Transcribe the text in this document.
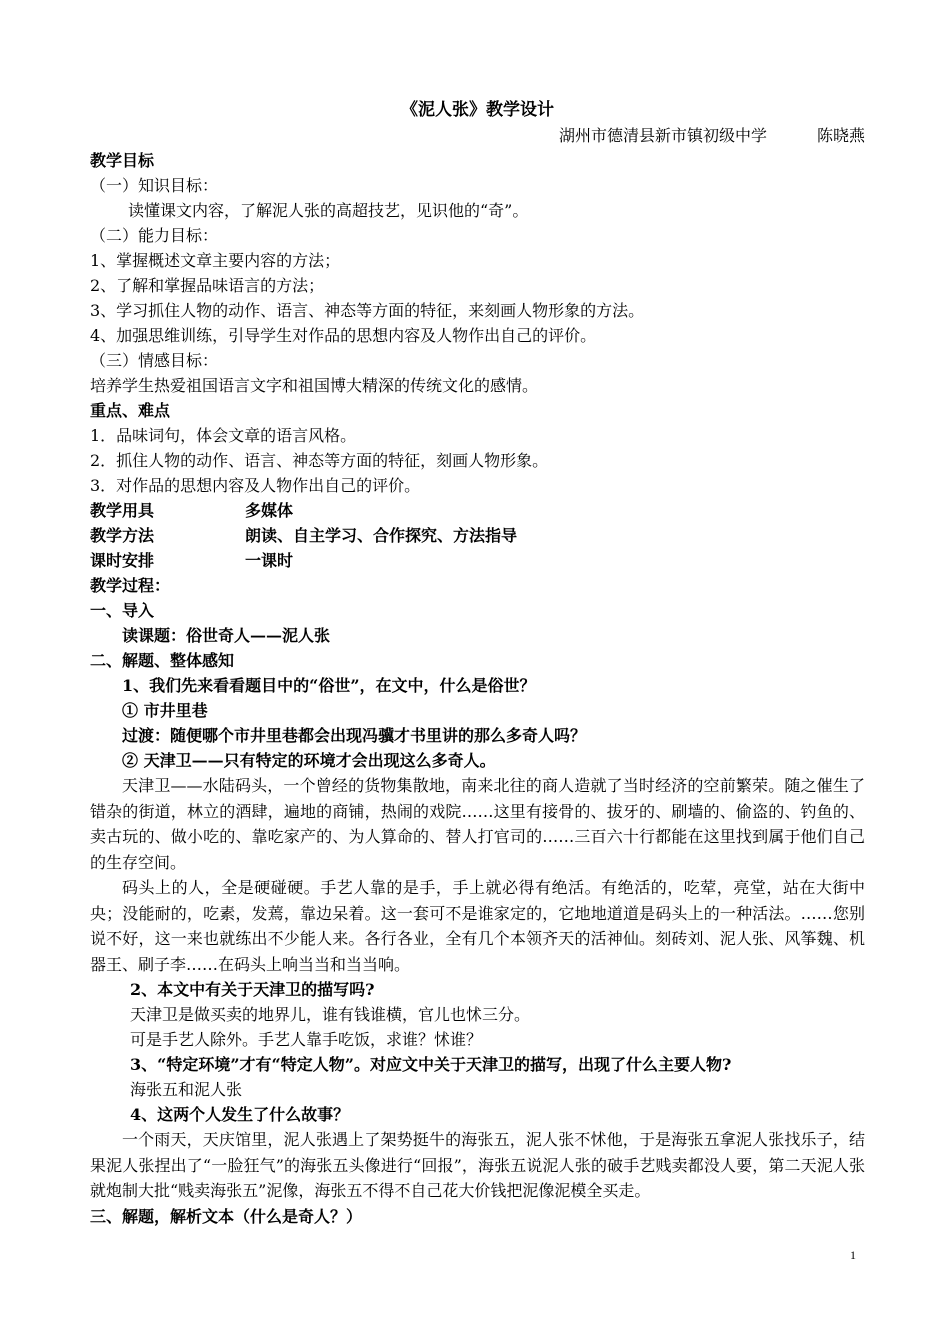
《泥人张》教学设计
湖州市德清县新市镇初级中学	陈晓燕
教学目标
（一）知识目标：
读懂课文内容，了解泥人张的高超技艺，见识他的“奇”。
（二）能力目标：
1、掌握概述文章主要内容的方法；
2、了解和掌握品味语言的方法；
3、学习抓住人物的动作、语言、神态等方面的特征，来刻画人物形象的方法。
4、加强思维训练，引导学生对作品的思想内容及人物作出自己的评价。
（三）情感目标：
培养学生热爱祖国语言文字和祖国博大精深的传统文化的感情。
重点、难点
1．品味词句，体会文章的语言风格。
2．抓住人物的动作、语言、神态等方面的特征，刻画人物形象。
3．对作品的思想内容及人物作出自己的评价。
教学用具	多媒体
教学方法	朗读、自主学习、合作探究、方法指导
课时安排	一课时
教学过程：
一、导入
读课题：俗世奇人——泥人张
二、解题、整体感知
1、我们先来看看题目中的“俗世”，在文中，什么是俗世？
① 市井里巷
过渡：随便哪个市井里巷都会出现冯骥才书里讲的那么多奇人吗？
② 天津卫——只有特定的环境才会出现这么多奇人。
天津卫——水陆码头，一个曾经的货物集散地，南来北往的商人造就了当时经济的空前繁荣。随之催生了错杂的街道，林立的酒肆，遍地的商铺，热闹的戏院……这里有接骨的、拔牙的、刷墙的、偷盗的、钓鱼的、卖古玩的、做小吃的、靠吃家产的、为人算命的、替人打官司的……三百六十行都能在这里找到属于他们自己的生存空间。
码头上的人，全是硬碰硬。手艺人靠的是手，手上就必得有绝活。有绝活的，吃荤，亮堂，站在大街中央；没能耐的，吃素，发蔫，靠边呆着。这一套可不是谁家定的，它地地道道是码头上的一种活法。……您别说不好，这一来也就练出不少能人来。各行各业，全有几个本领齐天的活神仙。刻砖刘、泥人张、风筝魏、机器王、刷子李……在码头上响当当和当当响。
2、本文中有关于天津卫的描写吗?
天津卫是做买卖的地界儿，谁有钱谁横，官儿也怵三分。
可是手艺人除外。手艺人靠手吃饭，求谁？怵谁？
3、“特定环境”才有“特定人物”。对应文中关于天津卫的描写，出现了什么主要人物?
海张五和泥人张
4、这两个人发生了什么故事？
一个雨天，天庆馆里，泥人张遇上了架势挺牛的海张五，泥人张不怵他，于是海张五拿泥人张找乐子，结果泥人张捏出了“一脸狂气”的海张五头像进行“回报”，海张五说泥人张的破手艺贱卖都没人要，第二天泥人张就炮制大批“贱卖海张五”泥像，海张五不得不自己花大价钱把泥像泥模全买走。
三、解题，解析文本（什么是奇人？）
1
